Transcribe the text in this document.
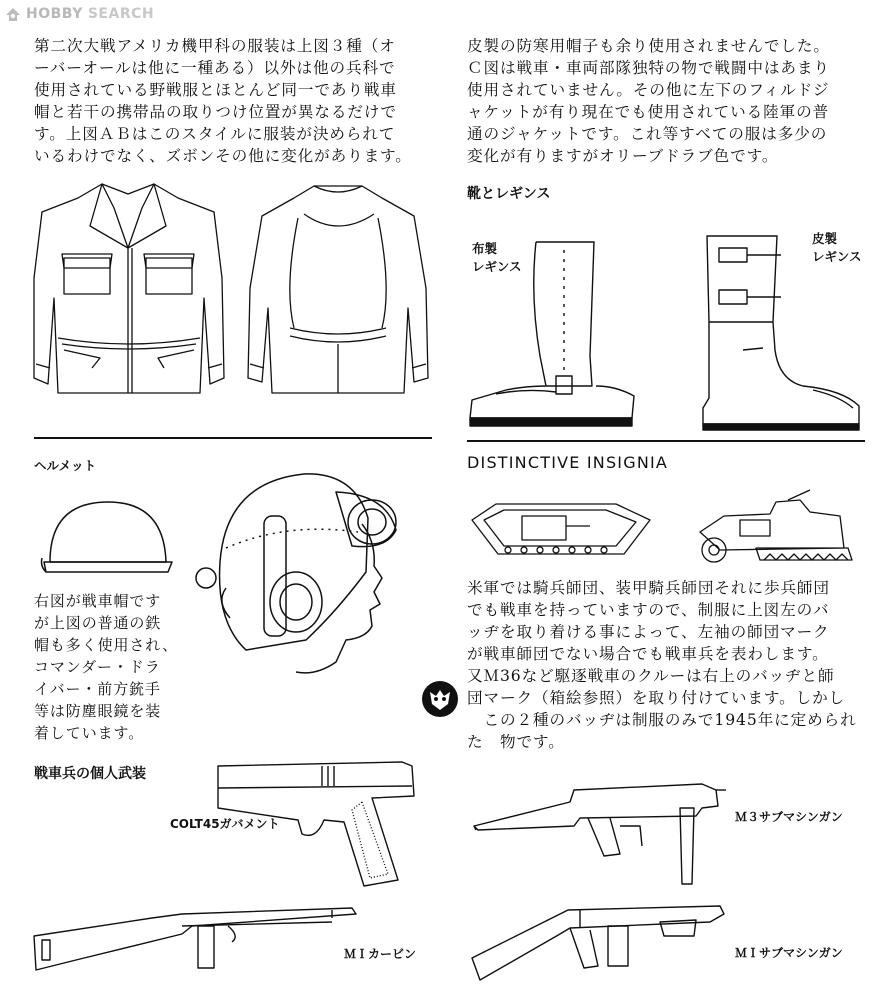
HOBBY SEARCH
第二次大戦アメリカ機甲科の服装は上図３種（オ
ーバーオールは他に一種ある）以外は他の兵科で
使用されている野戦服とほとんど同一であり戦車
帽と若干の携帯品の取りつけ位置が異なるだけで
す。上図ＡＢはこのスタイルに服装が決められて
いるわけでなく、ズボンその他に変化があります。
皮製の防寒用帽子も余り使用されませんでした。
Ｃ図は戦車・車両部隊独特の物で戦闘中はあまり
使用されていません。その他に左下のフィルドジ
ャケットが有り現在でも使用されている陸軍の普
通のジャケットです。これ等すべての服は多少の
変化が有りますがオリーブドラブ色です。
靴とレギンス
布製
レギンス
皮製
レギンス
ヘルメット
右図が戦車帽です
が上図の普通の鉄
帽も多く使用され、
コマンダー・ドラ
イバー・前方銃手
等は防塵眼鏡を装
着しています。
DISTINCTIVE INSIGNIA
米軍では騎兵師団、装甲騎兵師団それに歩兵師団
でも戦車を持っていますので、制服に上図左のバ
ッヂを取り着ける事によって、左袖の師団マーク
が戦車師団でない場合でも戦車兵を表わします。
又Ｍ36など駆逐戦車のクルーは右上のバッヂと師
団マーク（箱絵参照）を取り付けています。しかし
　この２種のバッヂは制服のみで1945年に定められ
た　物です。
戦車兵の個人武装
COLT45ガバメント	Ｍ３サブマシンガン
ＭＩカービン	ＭＩサブマシンガン
